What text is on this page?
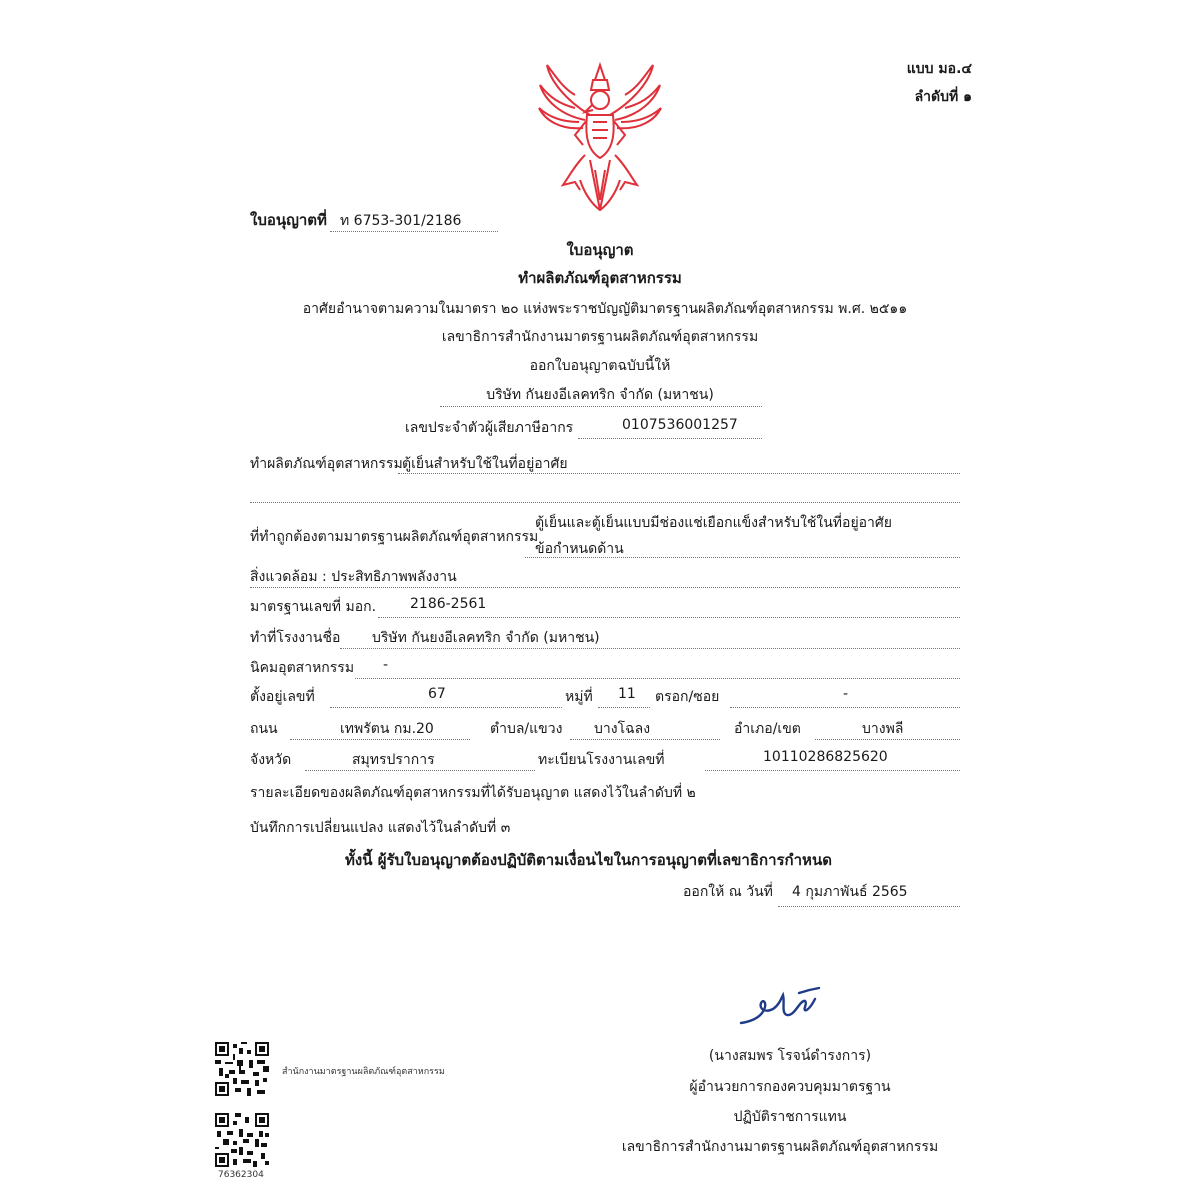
แบบ มอ.๔
ลำดับที่ ๑
ใบอนุญาตที่ ท 6753-301/2186
ใบอนุญาต
ทำผลิตภัณฑ์อุตสาหกรรม
อาศัยอำนาจตามความในมาตรา ๒๐ แห่งพระราชบัญญัติมาตรฐานผลิตภัณฑ์อุตสาหกรรม พ.ศ. ๒๕๑๑
เลขาธิการสำนักงานมาตรฐานผลิตภัณฑ์อุตสาหกรรม
ออกใบอนุญาตฉบับนี้ให้
บริษัท กันยงอีเลคทริก จำกัด (มหาชน)
เลขประจำตัวผู้เสียภาษีอากร	0107536001257
ทำผลิตภัณฑ์อุตสาหกรรม ตู้เย็นสำหรับใช้ในที่อยู่อาศัย
ที่ทำถูกต้องตามมาตรฐานผลิตภัณฑ์อุตสาหกรรม
ตู้เย็นและตู้เย็นแบบมีช่องแช่เยือกแข็งสำหรับใช้ในที่อยู่อาศัย
ข้อกำหนดด้าน
สิ่งแวดล้อม : ประสิทธิภาพพลังงาน
มาตรฐานเลขที่ มอก. 2186-2561
ทำที่โรงงานชื่อ บริษัท กันยงอีเลคทริก จำกัด (มหาชน)
นิคมอุตสาหกรรม -
ตั้งอยู่เลขที่	67	หมู่ที่ 11 ตรอก/ซอย	-
ถนน	เทพรัตน กม.20	ตำบล/แขวง บางโฉลง	อำเภอ/เขต	บางพลี
จังหวัด	สมุทรปราการ	ทะเบียนโรงงานเลขที่	10110286825620
รายละเอียดของผลิตภัณฑ์อุตสาหกรรมที่ได้รับอนุญาต แสดงไว้ในลำดับที่ ๒
บันทึกการเปลี่ยนแปลง แสดงไว้ในลำดับที่ ๓
ทั้งนี้ ผู้รับใบอนุญาตต้องปฏิบัติตามเงื่อนไขในการอนุญาตที่เลขาธิการกำหนด
ออกให้ ณ วันที่ 4 กุมภาพันธ์ 2565
(นางสมพร โรจน์ดำรงการ)
ผู้อำนวยการกองควบคุมมาตรฐาน
ปฏิบัติราชการแทน
เลขาธิการสำนักงานมาตรฐานผลิตภัณฑ์อุตสาหกรรม
สำนักงานมาตรฐานผลิตภัณฑ์อุตสาหกรรม
76362304
